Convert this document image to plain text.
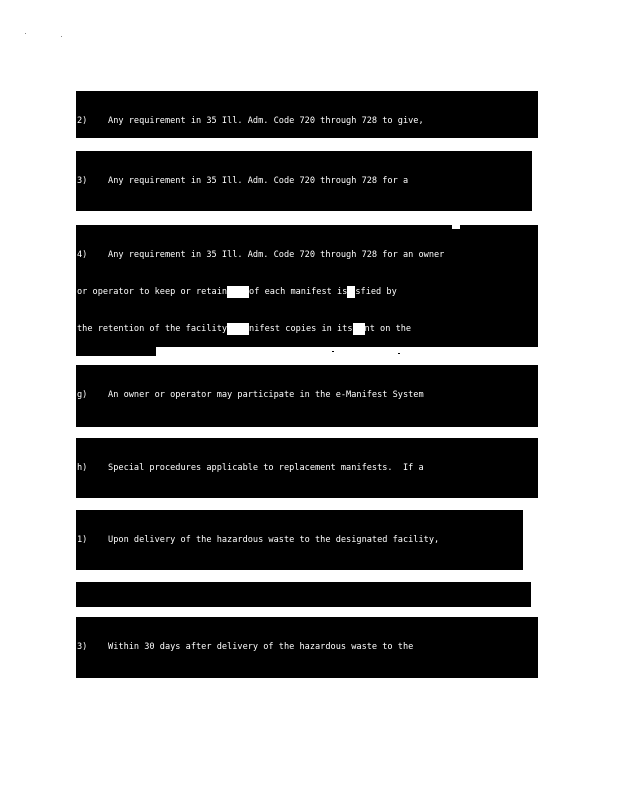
2)    Any requirement in 35 Ill. Adm. Code 720 through 728 to give,

3)    Any requirement in 35 Ill. Adm. Code 720 through 728 for a

4)    Any requirement in 35 Ill. Adm. Code 720 through 728 for an owner

or operator to keep or retain	of each manifest is sfied by

the retention of the facility	nifest copies in its nt on the

g)    An owner or operator may participate in the e-Manifest System

h)    Special procedures applicable to replacement manifests.  If a

1)    Upon delivery of the hazardous waste to the designated facility,

3)    Within 30 days after delivery of the hazardous waste to the
